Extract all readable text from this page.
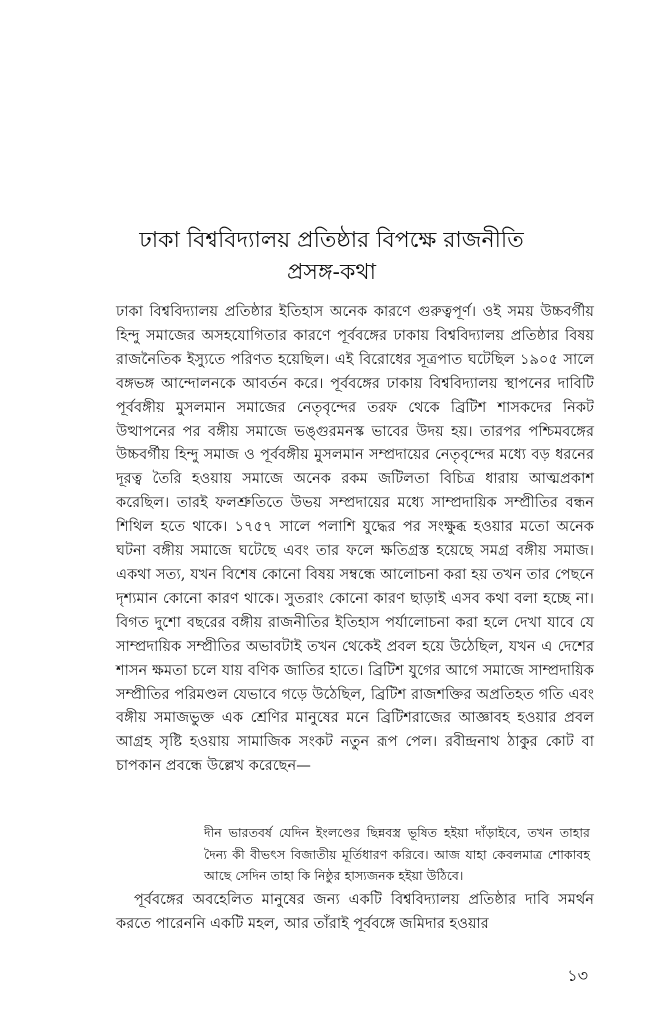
ঢাকা বিশ্ববিদ্যালয় প্রতিষ্ঠার বিপক্ষে রাজনীতি
প্রসঙ্গ-কথা

ঢাকা বিশ্ববিদ্যালয় প্রতিষ্ঠার ইতিহাস অনেক কারণে গুরুত্বপূর্ণ। ওই সময় উচ্চবর্গীয় হিন্দু সমাজের অসহযোগিতার কারণে পূর্ববঙ্গের ঢাকায় বিশ্ববিদ্যালয় প্রতিষ্ঠার বিষয় রাজনৈতিক ইস্যুতে পরিণত হয়েছিল। এই বিরোধের সূত্রপাত ঘটেছিল ১৯০৫ সালে বঙ্গভঙ্গ আন্দোলনকে আবর্তন করে। পূর্ববঙ্গের ঢাকায় বিশ্ববিদ্যালয় স্থাপনের দাবিটি পূর্ববঙ্গীয় মুসলমান সমাজের নেতৃবৃন্দের তরফ থেকে ব্রিটিশ শাসকদের নিকট উত্থাপনের পর বঙ্গীয় সমাজে ভঙ্গুরমনস্ক ভাবের উদয় হয়। তারপর পশ্চিমবঙ্গের উচ্চবর্গীয় হিন্দু সমাজ ও পূর্ববঙ্গীয় মুসলমান সম্প্রদায়ের নেতৃবৃন্দের মধ্যে বড় ধরনের দূরত্ব তৈরি হওয়ায় সমাজে অনেক রকম জটিলতা বিচিত্র ধারায় আত্মপ্রকাশ করেছিল। তারই ফলশ্রুতিতে উভয় সম্প্রদায়ের মধ্যে সাম্প্রদায়িক সম্প্রীতির বন্ধন শিথিল হতে থাকে। ১৭৫৭ সালে পলাশি যুদ্ধের পর সংক্ষুব্ধ হওয়ার মতো অনেক ঘটনা বঙ্গীয় সমাজে ঘটেছে এবং তার ফলে ক্ষতিগ্রস্ত হয়েছে সমগ্র বঙ্গীয় সমাজ। একথা সত্য, যখন বিশেষ কোনো বিষয় সম্বন্ধে আলোচনা করা হয় তখন তার পেছনে দৃশ্যমান কোনো কারণ থাকে। সুতরাং কোনো কারণ ছাড়াই এসব কথা বলা হচ্ছে না। বিগত দুশো বছরের বঙ্গীয় রাজনীতির ইতিহাস পর্যালোচনা করা হলে দেখা যাবে যে সাম্প্রদায়িক সম্প্রীতির অভাবটাই তখন থেকেই প্রবল হয়ে উঠেছিল, যখন এ দেশের শাসন ক্ষমতা চলে যায় বণিক জাতির হাতে। ব্রিটিশ যুগের আগে সমাজে সাম্প্রদায়িক সম্প্রীতির পরিমণ্ডল যেভাবে গড়ে উঠেছিল, ব্রিটিশ রাজশক্তির অপ্রতিহত গতি এবং বঙ্গীয় সমাজভুক্ত এক শ্রেণির মানুষের মনে ব্রিটিশরাজের আজ্ঞাবহ হওয়ার প্রবল আগ্রহ সৃষ্টি হওয়ায় সামাজিক সংকট নতুন রূপ পেল। রবীন্দ্রনাথ ঠাকুর কোট বা চাপকান প্রবন্ধে উল্লেখ করেছেন—

দীন ভারতবর্ষ যেদিন ইংলণ্ডের ছিন্নবস্ত্র ভূষিত হইয়া দাঁড়াইবে, তখন তাহার দৈন্য কী বীভৎস বিজাতীয় মূর্তিধারণ করিবে। আজ যাহা কেবলমাত্র শোকাবহ আছে সেদিন তাহা কি নিষ্ঠুর হাস্যজনক হইয়া উঠিবে।

পূর্ববঙ্গের অবহেলিত মানুষের জন্য একটি বিশ্ববিদ্যালয় প্রতিষ্ঠার দাবি সমর্থন করতে পারেননি একটি মহল, আর তাঁরাই পূর্ববঙ্গে জমিদার হওয়ার

১৩
